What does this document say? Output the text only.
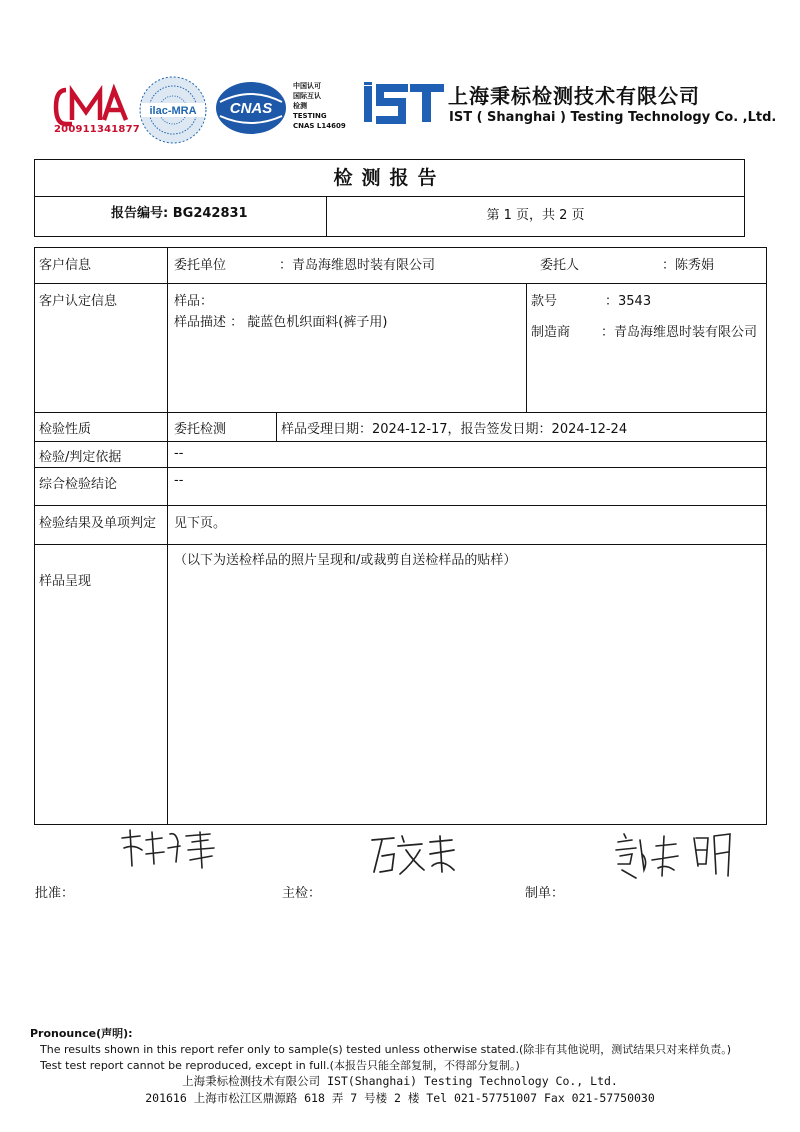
CMA
200911341877
ilac-MRA CNAS
中国认可
国际互认
检测
TESTING
CNAS L14609	IST
上海秉标检测技术有限公司
IST ( Shanghai ) Testing Technology Co. ,Ltd.
检测报告
报告编号: BG242831	第 1 页，共 2 页
客户信息	委托单位	：青岛海维恩时装有限公司	委托人	：陈秀娟
客户认定信息	样品：
样品描述 ： 靛蓝色机织面料(裤子用)
款号	：3543
制造商 ：青岛海维恩时装有限公司
检验性质	委托检测	样品受理日期：2024-12-17，报告签发日期：2024-12-24
检验/判定依据	--
综合检验结论	--
检验结果及单项判定 见下页。
样品呈现
（以下为送检样品的照片呈现和/或裁剪自送检样品的贴样）
批准：	主检：	制单：
Pronounce(声明):
The results shown in this report refer only to sample(s) tested unless otherwise stated.(除非有其他说明，测试结果只对来样负责。)
Test test report cannot be reproduced, except in full.(本报告只能全部复制，不得部分复制。)
上海秉标检测技术有限公司 IST(Shanghai) Testing Technology Co., Ltd.
201616 上海市松江区鼎源路 618 弄 7 号楼 2 楼 Tel 021-57751007 Fax 021-57750030
